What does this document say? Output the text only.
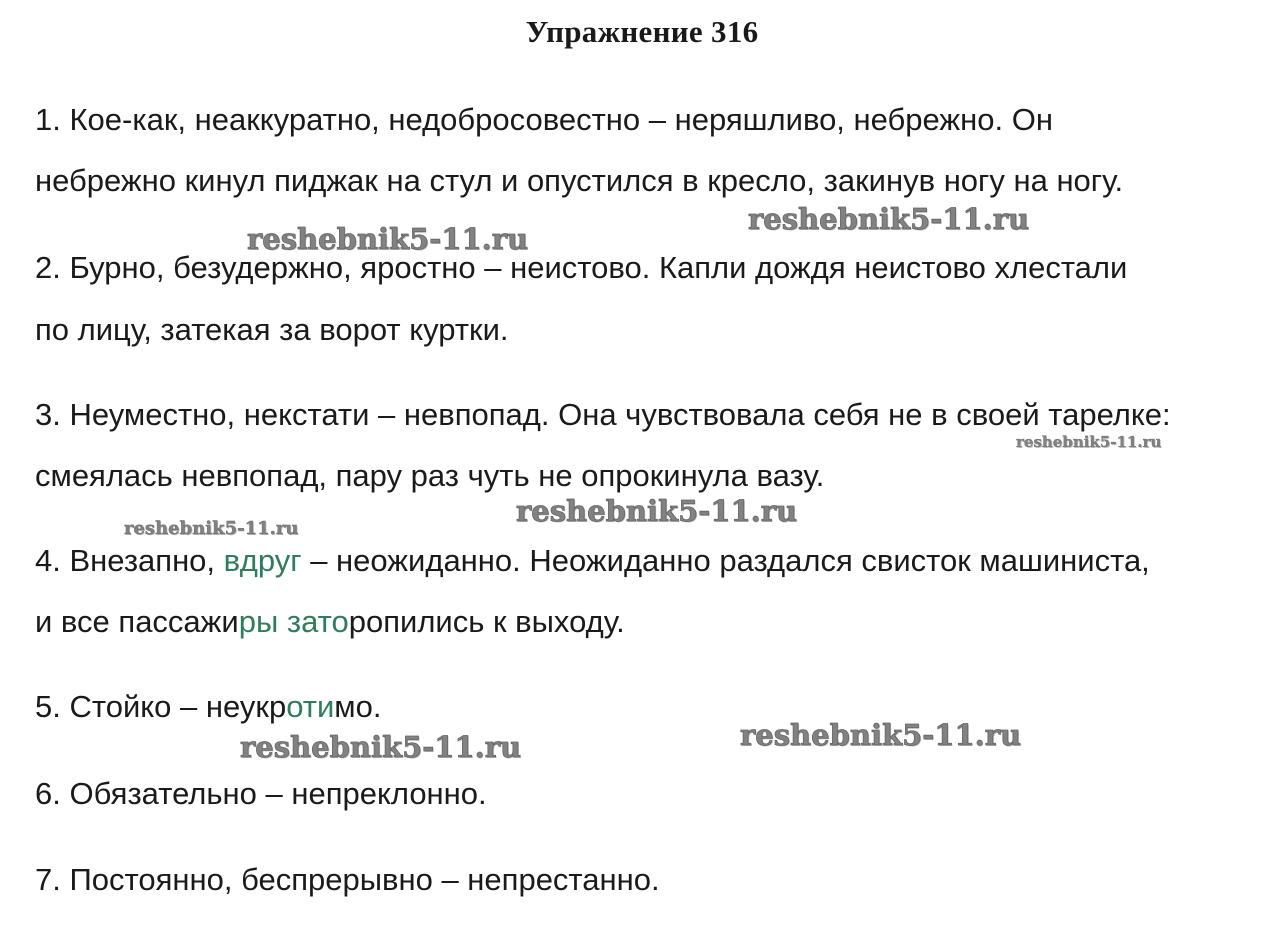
Упражнение 316
1. Кое-как, неаккуратно, недобросовестно – неряшливо, небрежно. Он
небрежно кинул пиджак на стул и опустился в кресло, закинув ногу на ногу.
2. Бурно, безудержно, яростно – неистово. Капли дождя неистово хлестали
по лицу, затекая за ворот куртки.
3. Неуместно, некстати – невпопад. Она чувствовала себя не в своей тарелке:
смеялась невпопад, пару раз чуть не опрокинула вазу.
4. Внезапно, вдруг – неожиданно. Неожиданно раздался свисток машиниста,
и все пассажиры заторопились к выходу.
5. Стойко – неукротимо.
6. Обязательно – непреклонно.
7. Постоянно, беспрерывно – непрестанно.
reshebnik5-11.ru
reshebnik5-11.ru
reshebnik5-11.ru
reshebnik5-11.ru
reshebnik5-11.ru
reshebnik5-11.ru
reshebnik5-11.ru
